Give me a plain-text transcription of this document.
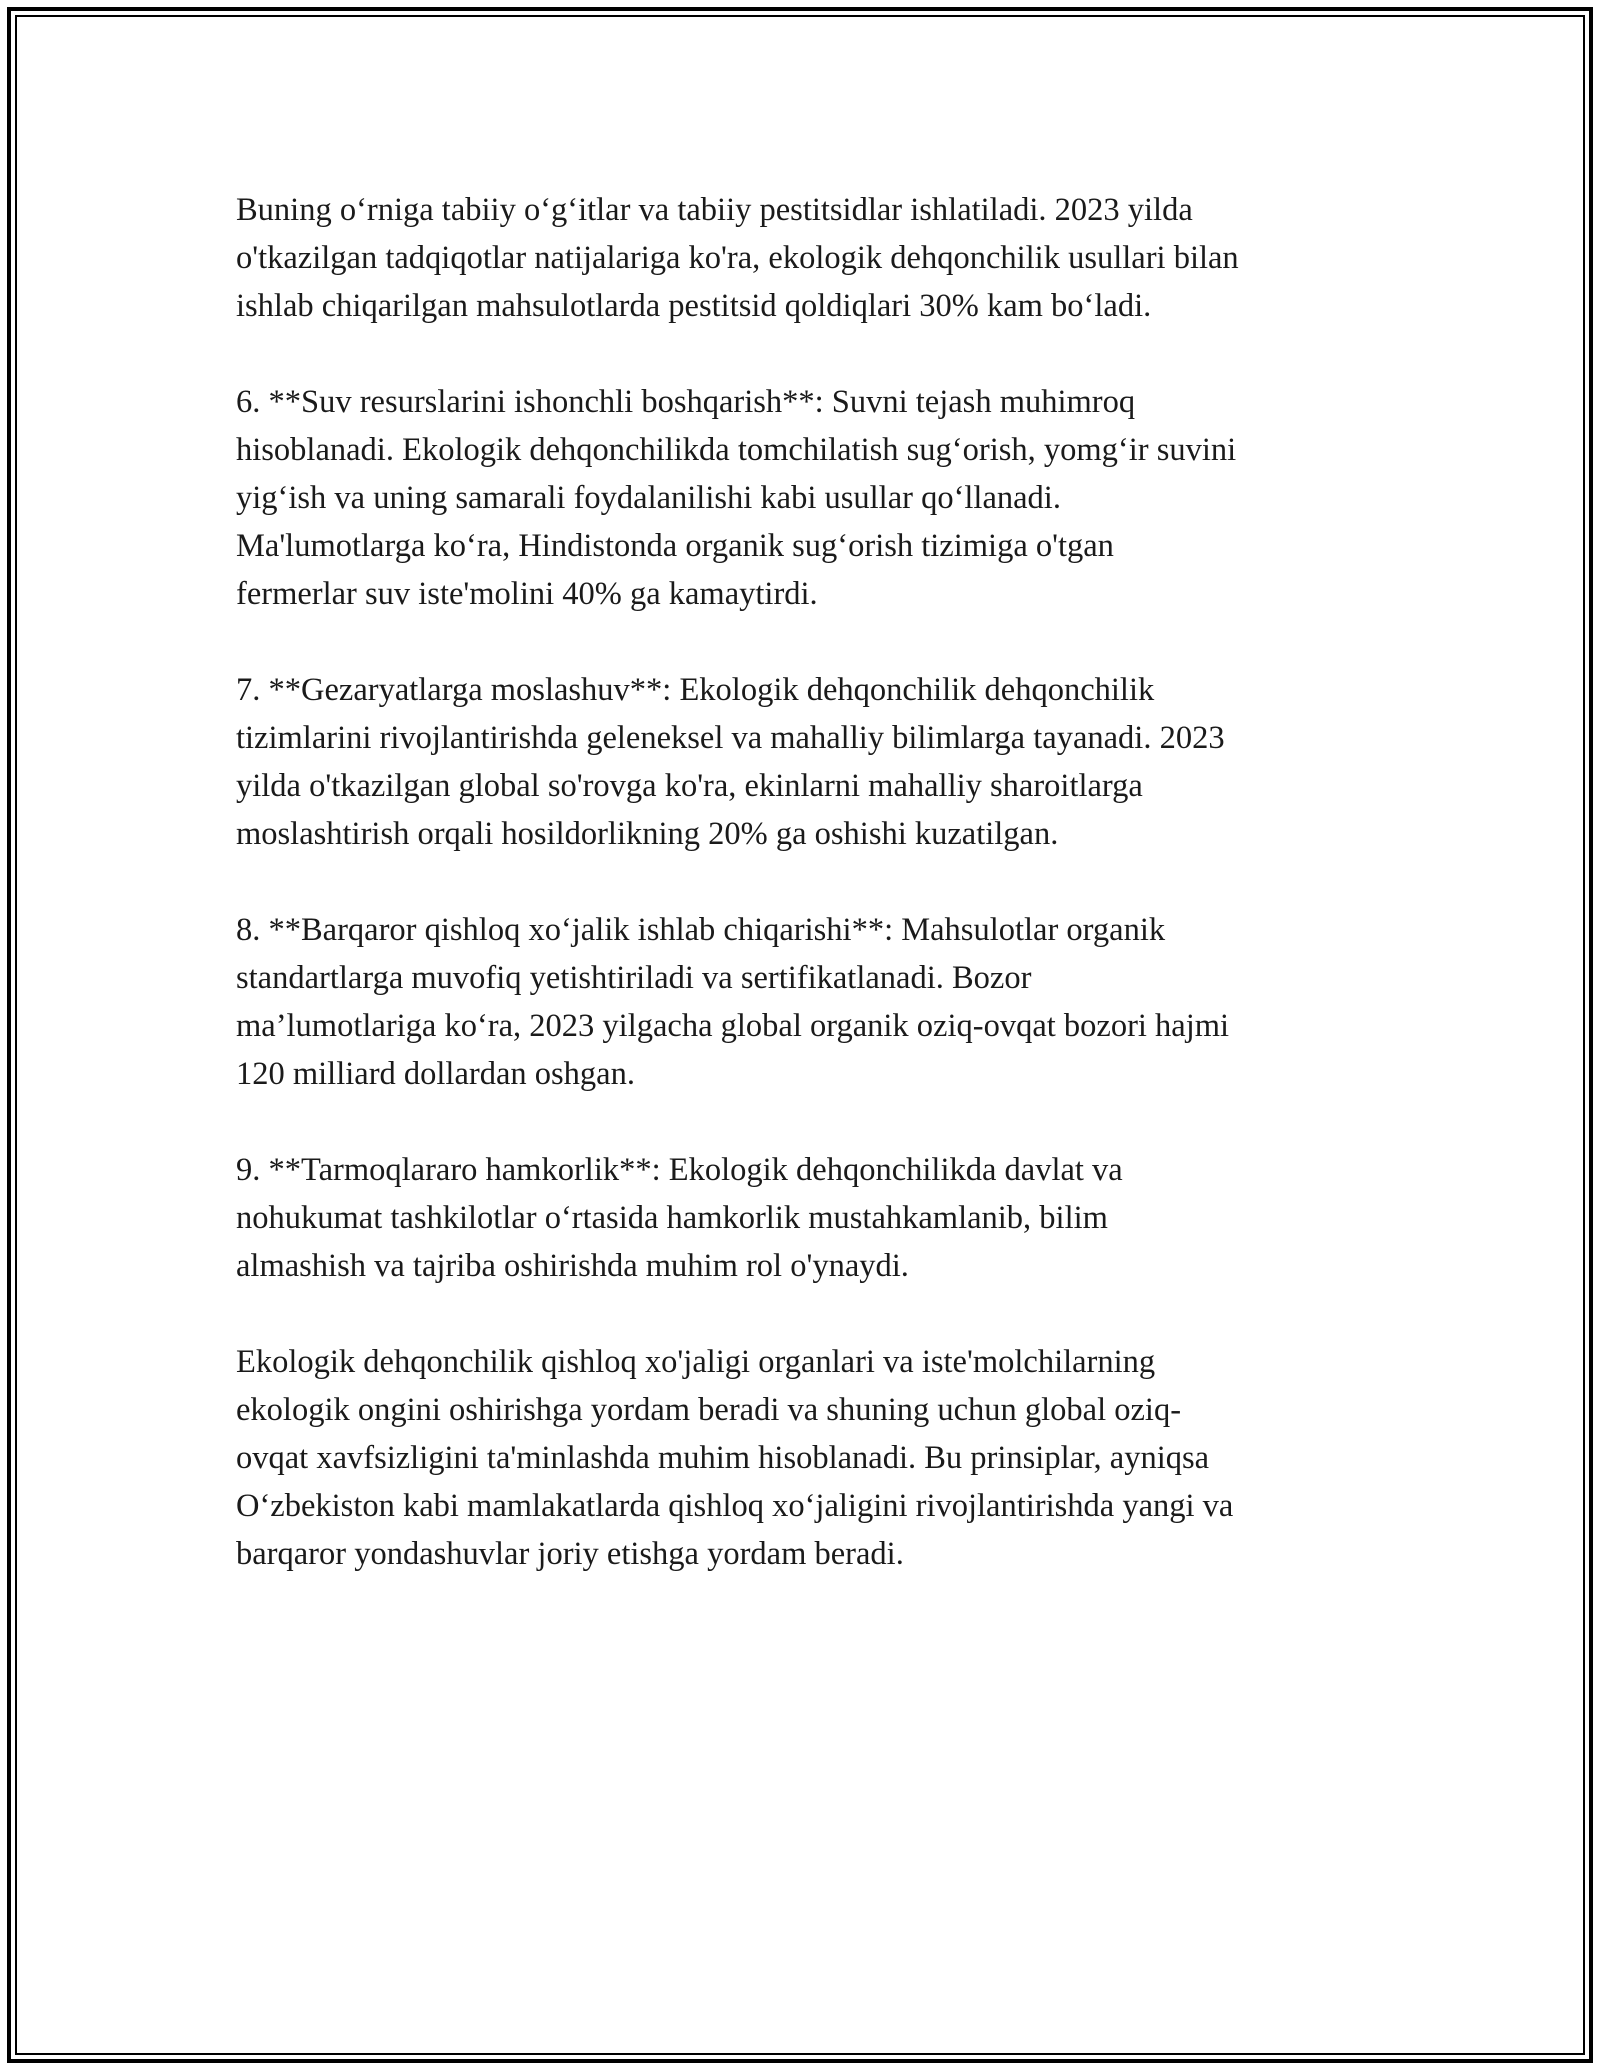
Buning o‘rniga tabiiy o‘g‘itlar va tabiiy pestitsidlar ishlatiladi. 2023 yilda
o'tkazilgan tadqiqotlar natijalariga ko'ra, ekologik dehqonchilik usullari bilan
ishlab chiqarilgan mahsulotlarda pestitsid qoldiqlari 30% kam bo‘ladi.

6. **Suv resurslarini ishonchli boshqarish**: Suvni tejash muhimroq
hisoblanadi. Ekologik dehqonchilikda tomchilatish sug‘orish, yomg‘ir suvini
yig‘ish va uning samarali foydalanilishi kabi usullar qo‘llanadi.
Ma'lumotlarga ko‘ra, Hindistonda organik sug‘orish tizimiga o'tgan
fermerlar suv iste'molini 40% ga kamaytirdi.

7. **Gezaryatlarga moslashuv**: Ekologik dehqonchilik dehqonchilik
tizimlarini rivojlantirishda geleneksel va mahalliy bilimlarga tayanadi. 2023
yilda o'tkazilgan global so'rovga ko'ra, ekinlarni mahalliy sharoitlarga
moslashtirish orqali hosildorlikning 20% ga oshishi kuzatilgan.

8. **Barqaror qishloq xo‘jalik ishlab chiqarishi**: Mahsulotlar organik
standartlarga muvofiq yetishtiriladi va sertifikatlanadi. Bozor
ma’lumotlariga ko‘ra, 2023 yilgacha global organik oziq-ovqat bozori hajmi
120 milliard dollardan oshgan.

9. **Tarmoqlararo hamkorlik**: Ekologik dehqonchilikda davlat va
nohukumat tashkilotlar o‘rtasida hamkorlik mustahkamlanib, bilim
almashish va tajriba oshirishda muhim rol o'ynaydi.

Ekologik dehqonchilik qishloq xo'jaligi organlari va iste'molchilarning
ekologik ongini oshirishga yordam beradi va shuning uchun global oziq-
ovqat xavfsizligini ta'minlashda muhim hisoblanadi. Bu prinsiplar, ayniqsa
O‘zbekiston kabi mamlakatlarda qishloq xo‘jaligini rivojlantirishda yangi va
barqaror yondashuvlar joriy etishga yordam beradi.
